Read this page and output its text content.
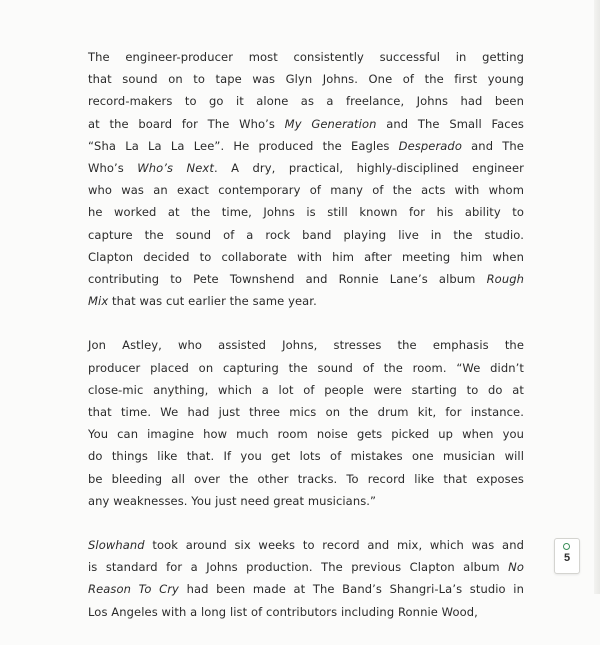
The engineer-producer most consistently successful in getting
that sound on to tape was Glyn Johns. One of the first young
record-makers to go it alone as a freelance, Johns had been
at the board for The Who’s My Generation and The Small Faces
“Sha La La La Lee”. He produced the Eagles Desperado and The
Who’s Who’s Next. A dry, practical, highly-disciplined engineer
who was an exact contemporary of many of the acts with whom
he worked at the time, Johns is still known for his ability to
capture the sound of a rock band playing live in the studio.
Clapton decided to collaborate with him after meeting him when
contributing to Pete Townshend and Ronnie Lane’s album Rough
Mix that was cut earlier the same year.
Jon Astley, who assisted Johns, stresses the emphasis the
producer placed on capturing the sound of the room. “We didn’t
close-mic anything, which a lot of people were starting to do at
that time. We had just three mics on the drum kit, for instance.
You can imagine how much room noise gets picked up when you
do things like that. If you get lots of mistakes one musician will
be bleeding all over the other tracks. To record like that exposes
any weaknesses. You just need great musicians.”
Slowhand took around six weeks to record and mix, which was and
is standard for a Johns production. The previous Clapton album No
Reason To Cry had been made at The Band’s Shangri-La’s studio in
Los Angeles with a long list of contributors including Ronnie Wood,
5
